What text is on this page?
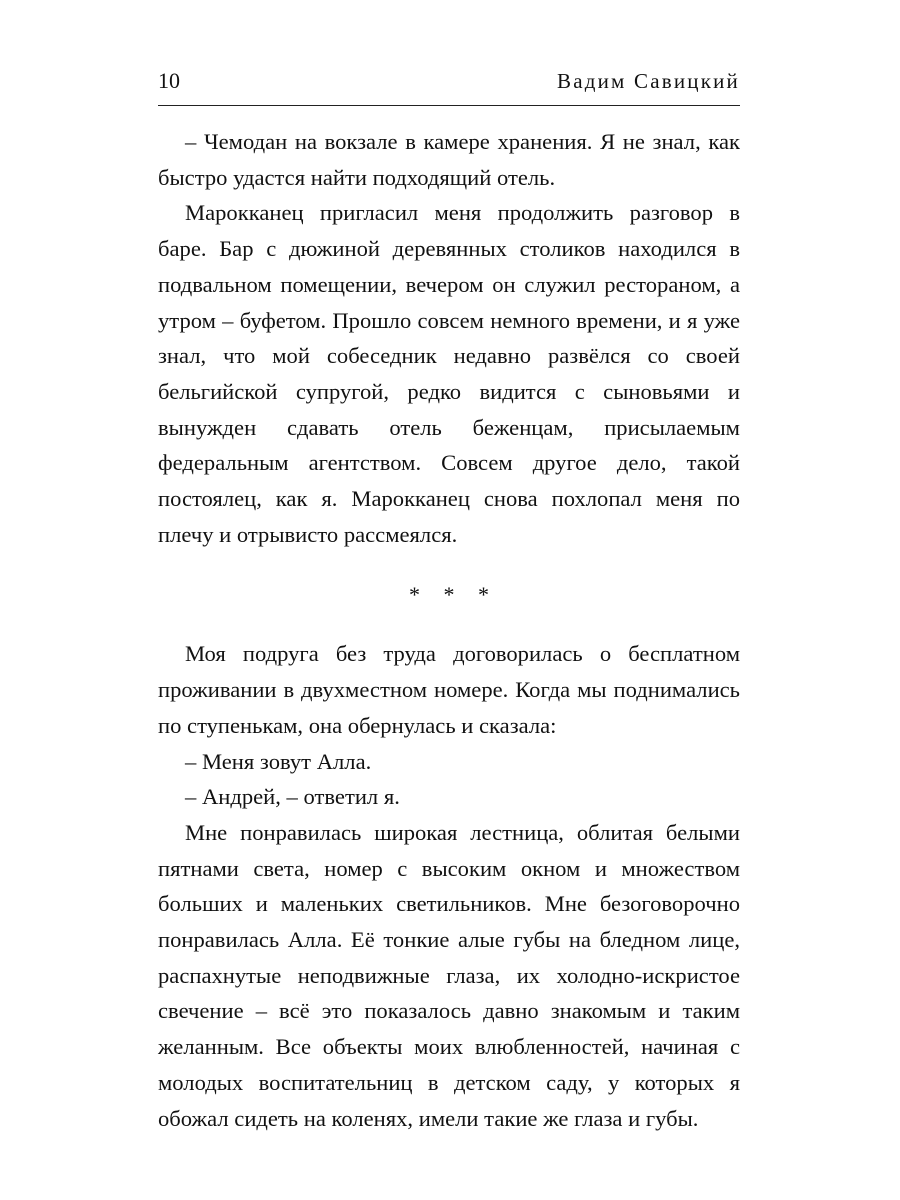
10	Вадим Савицкий

– Чемодан на вокзале в камере хранения. Я не знал, как быстро удастся найти подходящий отель.

Марокканец пригласил меня продолжить разговор в баре. Бар с дюжиной деревянных столиков находился в подвальном помещении, вечером он служил рестораном, а утром – буфетом. Прошло совсем немного времени, и я уже знал, что мой собеседник недавно развёлся со своей бельгийской супругой, редко видится с сыновьями и вынужден сдавать отель беженцам, присылаемым федеральным агентством. Совсем другое дело, такой постоялец, как я. Марокканец снова похлопал меня по плечу и отрывисто рассмеялся.

* * *

Моя подруга без труда договорилась о бесплатном проживании в двухместном номере. Когда мы поднимались по ступенькам, она обернулась и сказала:

– Меня зовут Алла.

– Андрей, – ответил я.

Мне понравилась широкая лестница, облитая белыми пятнами света, номер с высоким окном и множеством больших и маленьких светильников. Мне безоговорочно понравилась Алла. Её тонкие алые губы на бледном лице, распахнутые неподвижные глаза, их холодно-искристое свечение – всё это показалось давно знакомым и таким желанным. Все объекты моих влюбленностей, начиная с молодых воспитательниц в детском саду, у которых я обожал сидеть на коленях, имели такие же глаза и губы.
